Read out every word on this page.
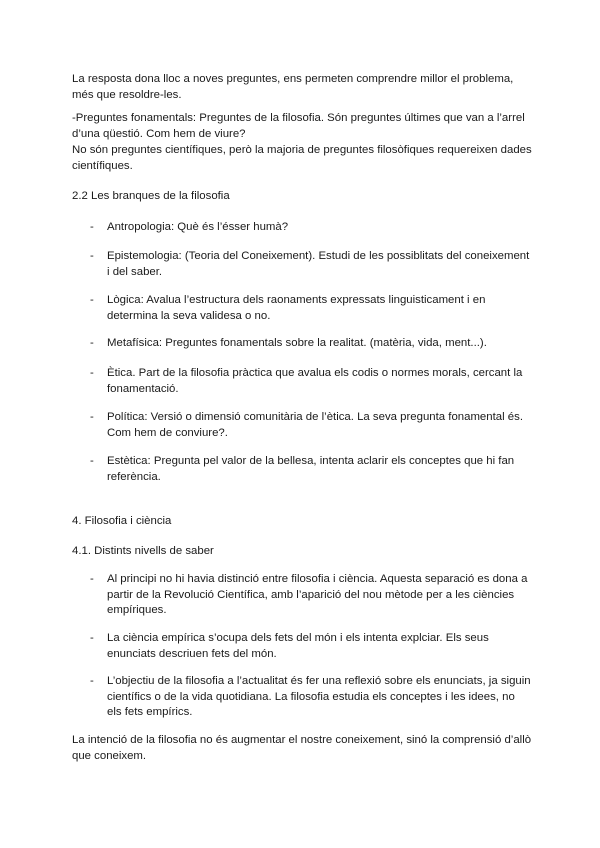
La resposta dona lloc a noves preguntes, ens permeten comprendre millor el problema, més que resoldre-les.

-Preguntes fonamentals: Preguntes de la filosofia. Són preguntes últimes que van a l’arrel d’una qüestió. Com hem de viure?

No són preguntes científiques, però la majoria de preguntes filosòfiques requereixen dades científiques.

2.2 Les branques de la filosofia

- Antropologia: Què és l’ésser humà?
- Epistemologia: (Teoria del Coneixement). Estudi de les possiblitats del coneixement i del saber.
- Lògica: Avalua l’estructura dels raonaments expressats linguisticament i en determina la seva validesa o no.
- Metafísica: Preguntes fonamentals sobre la realitat. (matèria, vida, ment...).
- Ètica. Part de la filosofia pràctica que avalua els codis o normes morals, cercant la fonamentació.
- Política: Versió o dimensió comunitària de l’ètica. La seva pregunta fonamental és. Com hem de conviure?.
- Estètica: Pregunta pel valor de la bellesa, intenta aclarir els conceptes que hi fan referència.

4. Filosofia i ciència

4.1. Distints nivells de saber

- Al principi no hi havia distinció entre filosofia i ciència. Aquesta separació es dona a partir de la Revolució Científica, amb l’aparició del nou mètode per a les ciències empíriques.
- La ciència empírica s’ocupa dels fets del món i els intenta explciar. Els seus enunciats descriuen fets del món.
- L’objectiu de la filosofia a l’actualitat és fer una reflexió sobre els enunciats, ja siguin científics o de la vida quotidiana. La filosofia estudia els conceptes i les idees, no els fets empírics.

La intenció de la filosofia no és augmentar el nostre coneixement, sinó la comprensió d’allò que coneixem.
